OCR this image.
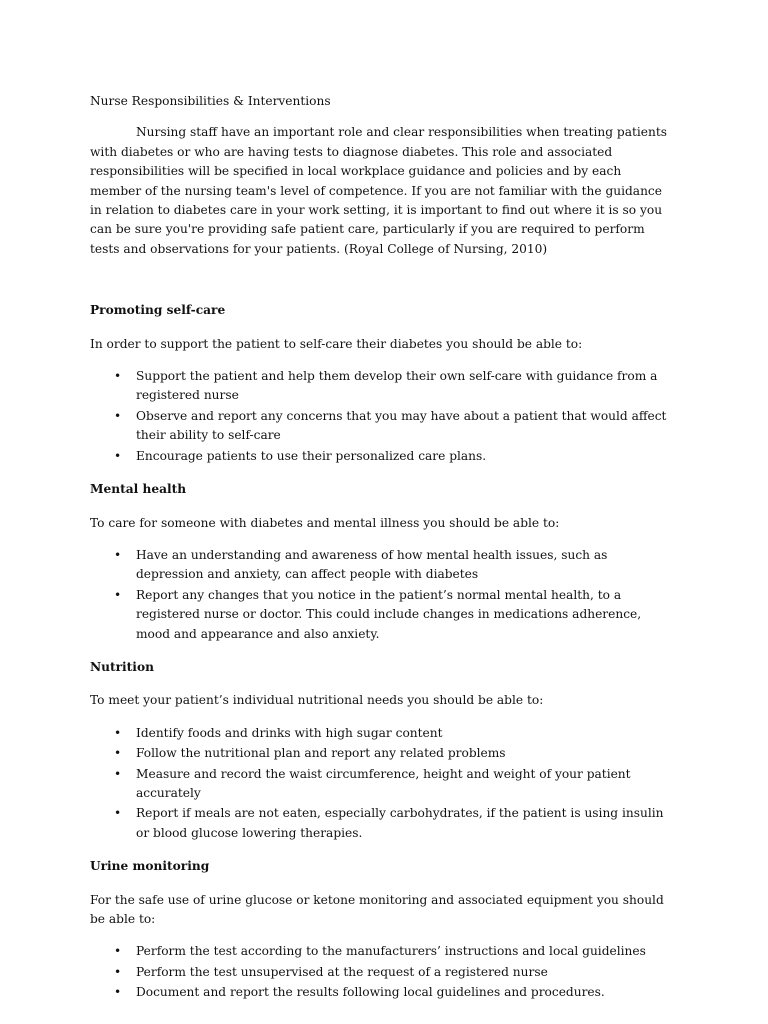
Nurse Responsibilities & Interventions

Nursing staff have an important role and clear responsibilities when treating patients with diabetes or who are having tests to diagnose diabetes. This role and associated responsibilities will be specified in local workplace guidance and policies and by each member of the nursing team's level of competence. If you are not familiar with the guidance in relation to diabetes care in your work setting, it is important to find out where it is so you can be sure you're providing safe patient care, particularly if you are required to perform tests and observations for your patients. (Royal College of Nursing, 2010)

Promoting self-care

In order to support the patient to self-care their diabetes you should be able to:

• Support the patient and help them develop their own self-care with guidance from a registered nurse
• Observe and report any concerns that you may have about a patient that would affect their ability to self-care
• Encourage patients to use their personalized care plans.
Mental health

To care for someone with diabetes and mental illness you should be able to:

• Have an understanding and awareness of how mental health issues, such as depression and anxiety, can affect people with diabetes
• Report any changes that you notice in the patient’s normal mental health, to a registered nurse or doctor. This could include changes in medications adherence, mood and appearance and also anxiety.
Nutrition

To meet your patient’s individual nutritional needs you should be able to:

• Identify foods and drinks with high sugar content
• Follow the nutritional plan and report any related problems
• Measure and record the waist circumference, height and weight of your patient accurately
• Report if meals are not eaten, especially carbohydrates, if the patient is using insulin or blood glucose lowering therapies.
Urine monitoring

For the safe use of urine glucose or ketone monitoring and associated equipment you should be able to:

• Perform the test according to the manufacturers’ instructions and local guidelines
• Perform the test unsupervised at the request of a registered nurse
• Document and report the results following local guidelines and procedures.
